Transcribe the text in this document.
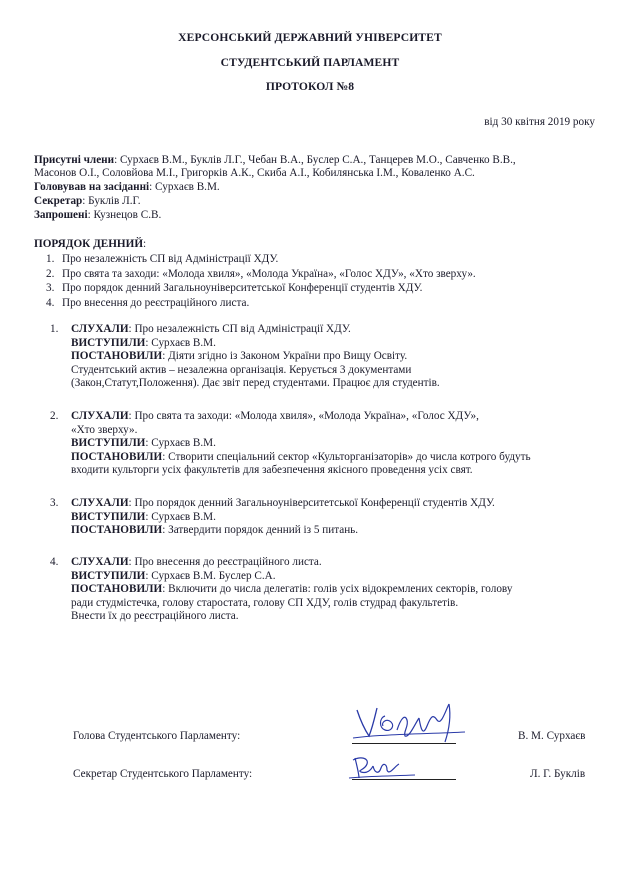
ХЕРСОНСЬКИЙ ДЕРЖАВНИЙ УНІВЕРСИТЕТ
СТУДЕНТСЬКИЙ ПАРЛАМЕНТ
ПРОТОКОЛ №8
від 30 квітня 2019 року
Присутні члени: Сурхаєв В.М., Буклів Л.Г., Чебан В.А., Буслер С.А., Танцерев М.О., Савченко В.В.,
Масонов О.І., Соловйова М.І., Григорків А.К., Скиба А.І., Кобилянська І.М., Коваленко А.С.
Головував на засіданні: Сурхаєв В.М.
Секретар: Буклів Л.Г.
Запрошені: Кузнецов С.В.
ПОРЯДОК ДЕННИЙ:
1. Про незалежність СП від Адміністрації ХДУ.
2. Про свята та заходи: «Молода хвиля», «Молода Україна», «Голос ХДУ», «Хто зверху».
3. Про порядок денний Загальноуніверситетської Конференції студентів ХДУ.
4. Про внесення до реєстраційного листа.
1. СЛУХАЛИ: Про незалежність СП від Адміністрації ХДУ.
ВИСТУПИЛИ: Сурхаєв В.М.
ПОСТАНОВИЛИ: Діяти згідно із Законом України про Вищу Освіту.
Студентський актив – незалежна організація. Керується 3 документами
(Закон,Статут,Положення). Дає звіт перед студентами. Працює для студентів.
2. СЛУХАЛИ: Про свята та заходи: «Молода хвиля», «Молода Україна», «Голос ХДУ»,
«Хто зверху».
ВИСТУПИЛИ: Сурхаєв В.М.
ПОСТАНОВИЛИ: Створити спеціальний сектор «Культорганізаторів» до числа котрого будуть
входити культорги усіх факультетів для забезпечення якісного проведення усіх свят.
3. СЛУХАЛИ: Про порядок денний Загальноуніверситетської Конференції студентів ХДУ.
ВИСТУПИЛИ: Сурхаєв В.М.
ПОСТАНОВИЛИ: Затвердити порядок денний із 5 питань.
4. СЛУХАЛИ: Про внесення до реєстраційного листа.
ВИСТУПИЛИ: Сурхаєв В.М. Буслер С.А.
ПОСТАНОВИЛИ: Включити до числа делегатів: голів усіх відокремлених секторів, голову
ради студмістечка, голову старостата, голову СП ХДУ, голів студрад факультетів.
Внести їх до реєстраційного листа.
Голова Студентського Парламенту:	В. М. Сурхаєв
Секретар Студентського Парламенту:	Л. Г. Буклів
